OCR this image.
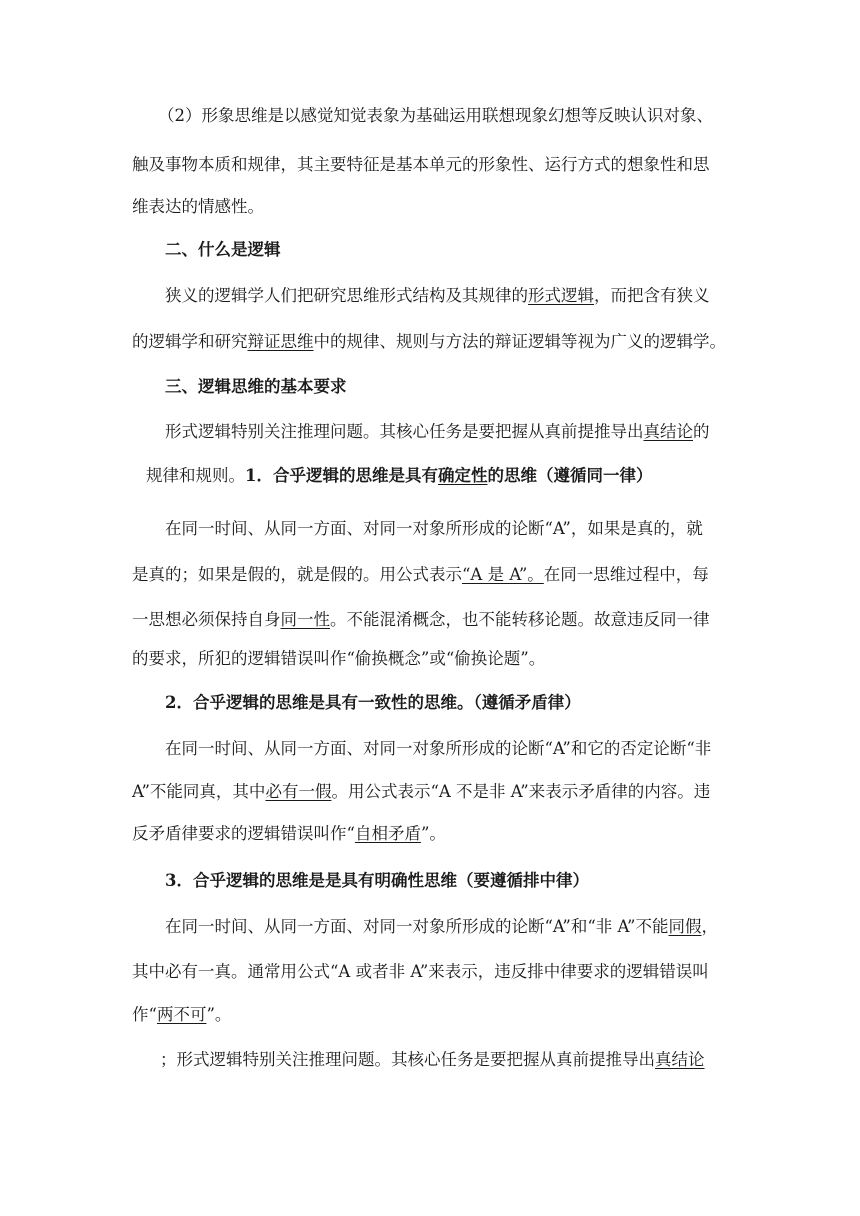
（2）形象思维是以感觉知觉表象为基础运用联想现象幻想等反映认识对象、
触及事物本质和规律，其主要特征是基本单元的形象性、运行方式的想象性和思
维表达的情感性。
二、什么是逻辑
狭义的逻辑学人们把研究思维形式结构及其规律的形式逻辑，而把含有狭义
的逻辑学和研究辩证思维中的规律、规则与方法的辩证逻辑等视为广义的逻辑学。
三、逻辑思维的基本要求
形式逻辑特别关注推理问题。其核心任务是要把握从真前提推导出真结论的
规律和规则。1．合乎逻辑的思维是具有确定性的思维（遵循同一律）
在同一时间、从同一方面、对同一对象所形成的论断“A”，如果是真的，就
是真的；如果是假的，就是假的。用公式表示“A 是 A”。在同一思维过程中，每
一思想必须保持自身同一性。不能混淆概念，也不能转移论题。故意违反同一律
的要求，所犯的逻辑错误叫作“偷换概念”或“偷换论题”。
2．合乎逻辑的思维是具有一致性的思维。（遵循矛盾律）
在同一时间、从同一方面、对同一对象所形成的论断“A”和它的否定论断“非
A”不能同真，其中必有一假。用公式表示“A 不是非 A”来表示矛盾律的内容。违
反矛盾律要求的逻辑错误叫作“自相矛盾”。
3．合乎逻辑的思维是是具有明确性思维（要遵循排中律）
在同一时间、从同一方面、对同一对象所形成的论断“A”和“非 A”不能同假，
其中必有一真。通常用公式“A 或者非 A”来表示，违反排中律要求的逻辑错误叫
作“两不可”。
；形式逻辑特别关注推理问题。其核心任务是要把握从真前提推导出真结论
